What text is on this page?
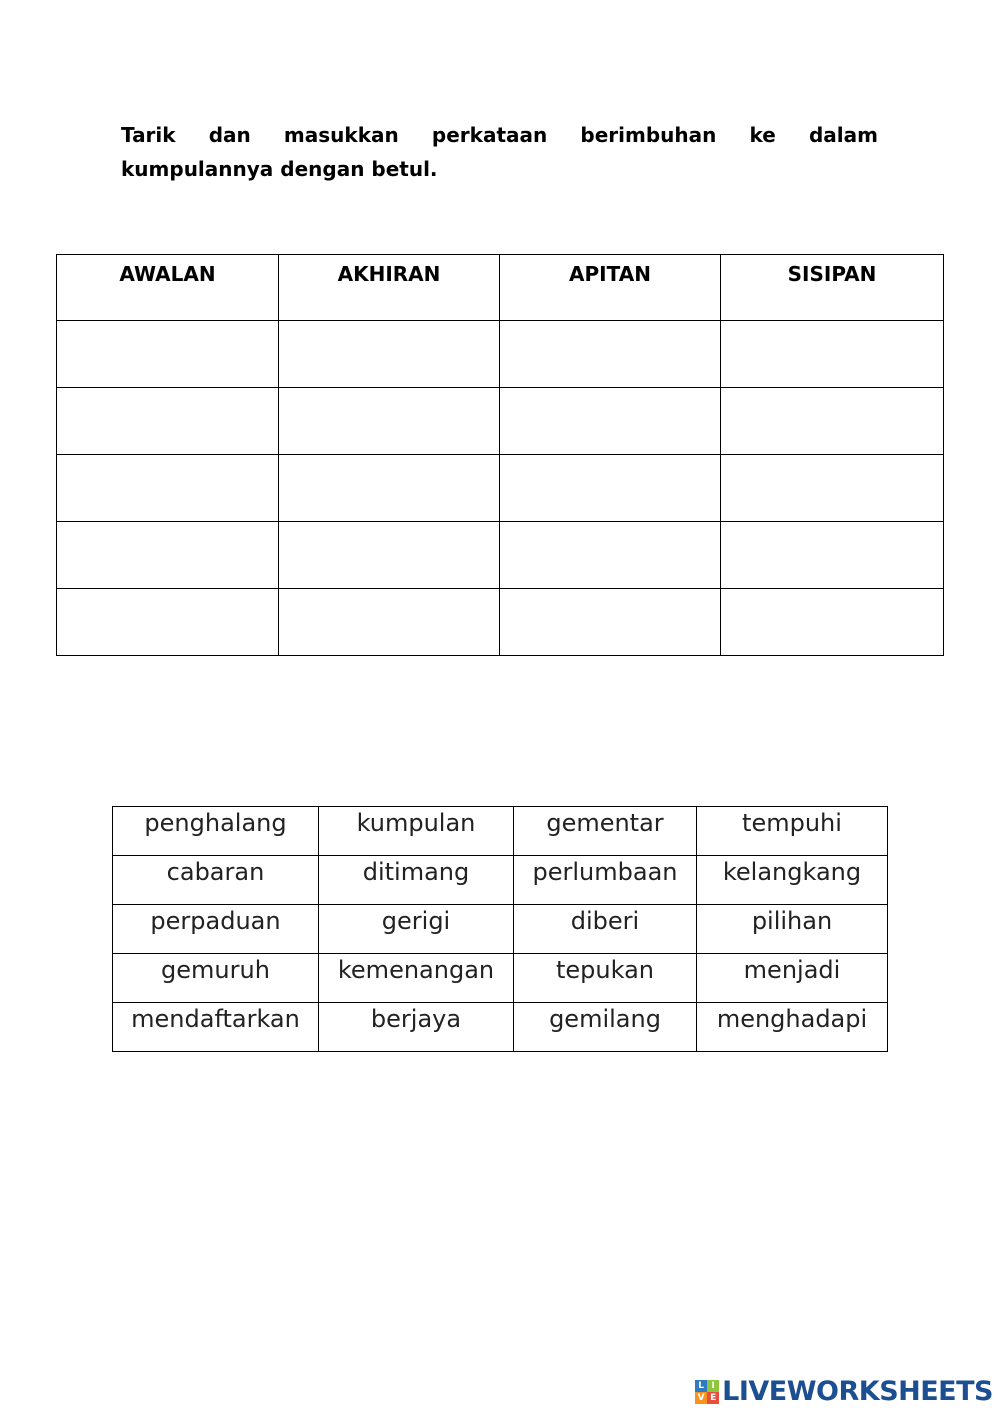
Tarik dan masukkan perkataan berimbuhan ke dalam kumpulannya dengan betul.
AWALAN	AKHIRAN	APITAN	SISIPAN

penghalang	kumpulan	gementar	tempuhi
cabaran	ditimang	perlumbaan	kelangkang
perpaduan	gerigi	diberi	pilihan
gemuruh	kemenangan	tepukan	menjadi
mendaftarkan	berjaya	gemilang	menghadapi
L I
V E LIVEWORKSHEETS
